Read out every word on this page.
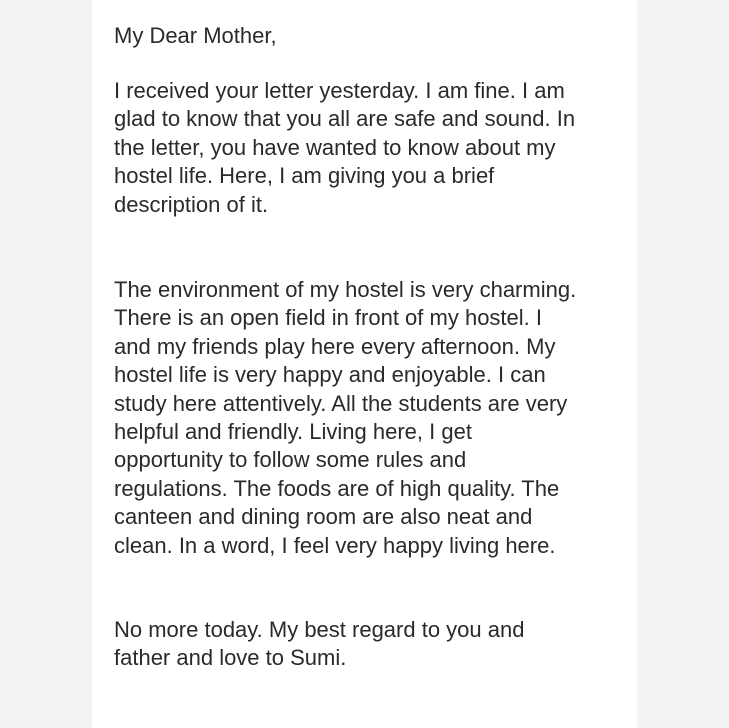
My Dear Mother,

I received your letter yesterday. I am fine. I am
glad to know that you all are safe and sound. In
the letter, you have wanted to know about my
hostel life. Here, I am giving you a brief
description of it.

The environment of my hostel is very charming.
There is an open field in front of my hostel. I
and my friends play here every afternoon. My
hostel life is very happy and enjoyable. I can
study here attentively. All the students are very
helpful and friendly. Living here, I get
opportunity to follow some rules and
regulations. The foods are of high quality. The
canteen and dining room are also neat and
clean. In a word, I feel very happy living here.

No more today. My best regard to you and
father and love to Sumi.
